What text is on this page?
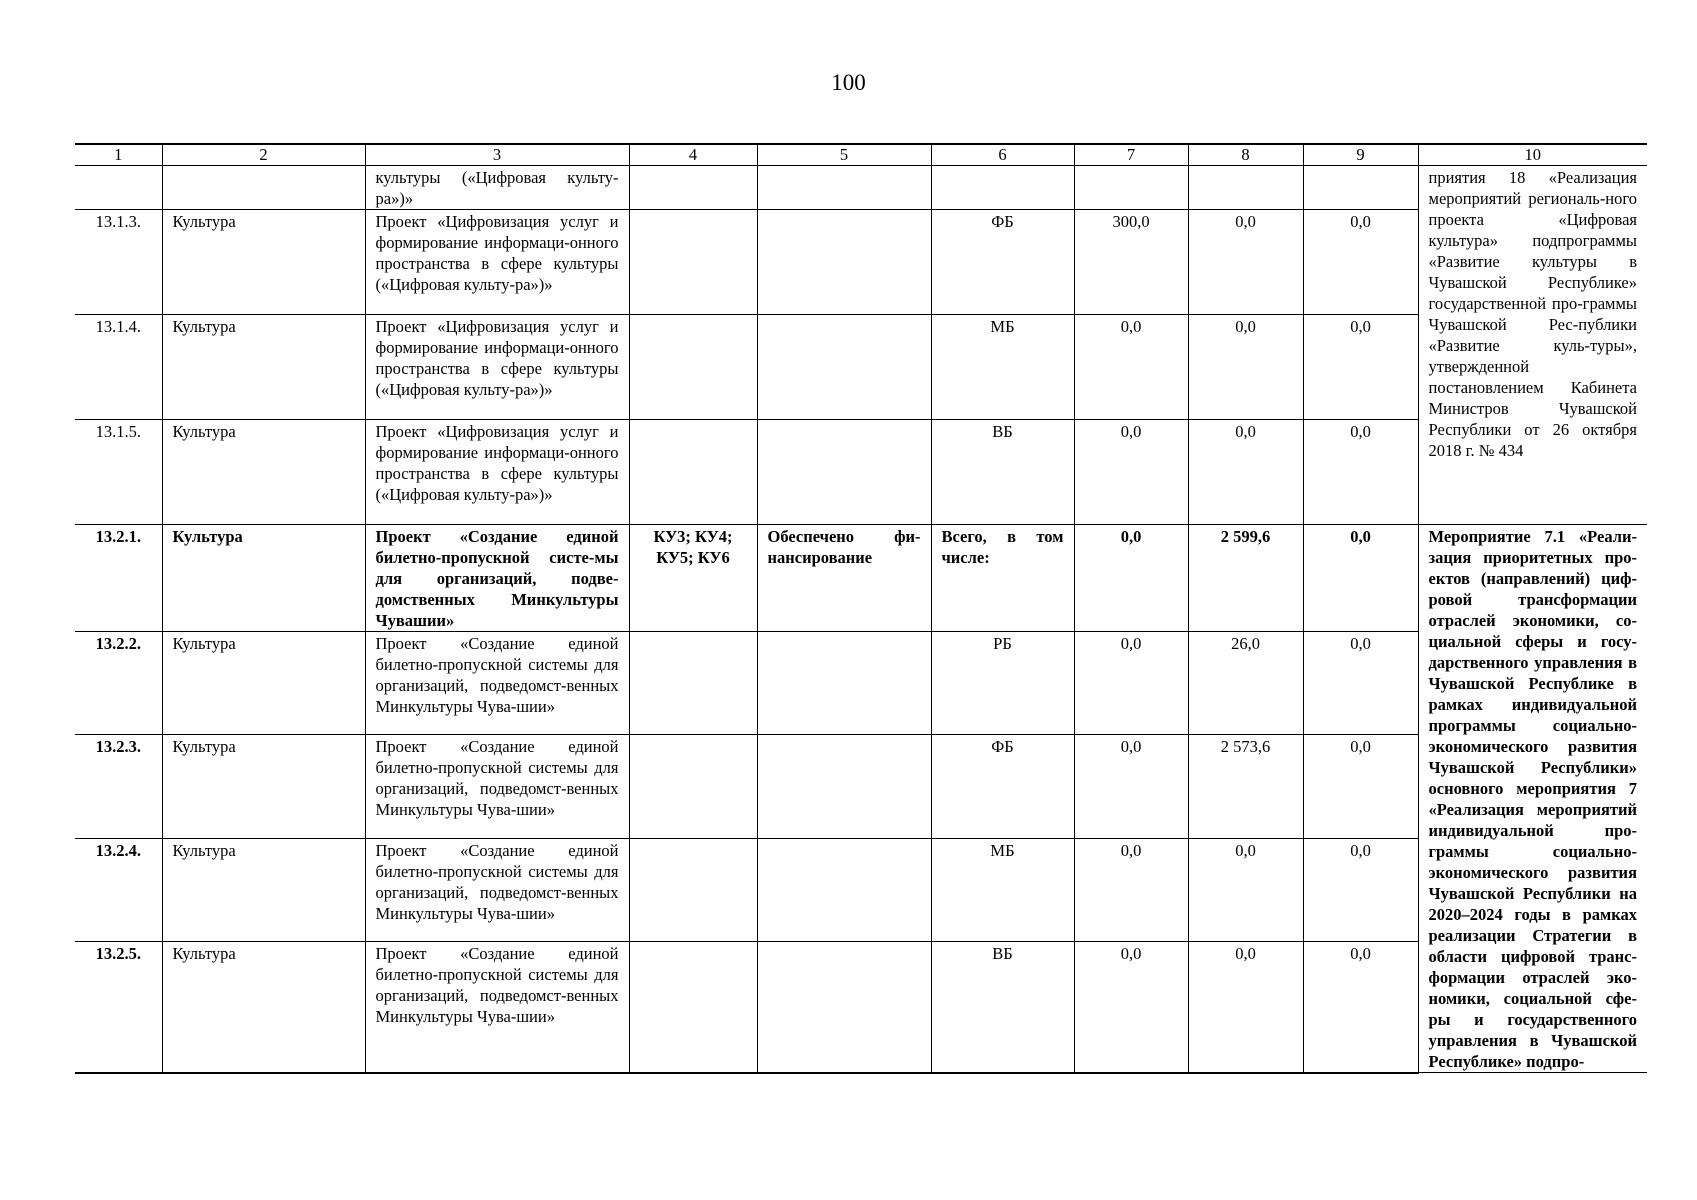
100
1	2	3	4	5	6	7	8	9	10
		культуры («Цифровая культу-ра»)»							приятия 18 «Реализация мероприятий региональ-ного проекта «Цифровая культура» подпрограммы «Развитие культуры в Чувашской Республике» государственной про-граммы Чувашской Рес-публики «Развитие куль-туры», утвержденной постановлением Кабинета Министров Чувашской Республики от 26 октября 2018 г. № 434
13.1.3.	Культура	Проект «Цифровизация услуг и формирование информаци-онного пространства в сфере культуры («Цифровая культу-ра»)»			ФБ	300,0	0,0	0,0	
13.1.4.	Культура	Проект «Цифровизация услуг и формирование информаци-онного пространства в сфере культуры («Цифровая культу-ра»)»			МБ	0,0	0,0	0,0	
13.1.5.	Культура	Проект «Цифровизация услуг и формирование информаци-онного пространства в сфере культуры («Цифровая культу-ра»)»			ВБ	0,0	0,0	0,0	
13.2.1.	Культура	Проект «Создание единой билетно-пропускной систе-мы для организаций, подве-домственных Минкультуры Чувашии»	КУ3; КУ4; КУ5; КУ6	Обеспечено фи-нансирование	Всего, в том числе:	0,0	2 599,6	0,0	Мероприятие 7.1 «Реали-зация приоритетных про-ектов (направлений) циф-ровой трансформации отраслей экономики, со-циальной сферы и госу-дарственного управления в Чувашской Республике в рамках индивидуальной программы социально-экономического развития Чувашской Республики» основного мероприятия 7 «Реализация мероприятий индивидуальной про-граммы социально-экономического развития Чувашской Республики на 2020–2024 годы в рамках реализации Стратегии в области цифровой транс-формации отраслей эко-номики, социальной сфе-ры и государственного управления в Чувашской Республике» подпро-
13.2.2.	Культура	Проект «Создание единой билетно-пропускной системы для организаций, подведомст-венных Минкультуры Чува-шии»			РБ	0,0	26,0	0,0	
13.2.3.	Культура	Проект «Создание единой билетно-пропускной системы для организаций, подведомст-венных Минкультуры Чува-шии»			ФБ	0,0	2 573,6	0,0	
13.2.4.	Культура	Проект «Создание единой билетно-пропускной системы для организаций, подведомст-венных Минкультуры Чува-шии»			МБ	0,0	0,0	0,0	
13.2.5.	Культура	Проект «Создание единой билетно-пропускной системы для организаций, подведомст-венных Минкультуры Чува-шии»			ВБ	0,0	0,0	0,0	
